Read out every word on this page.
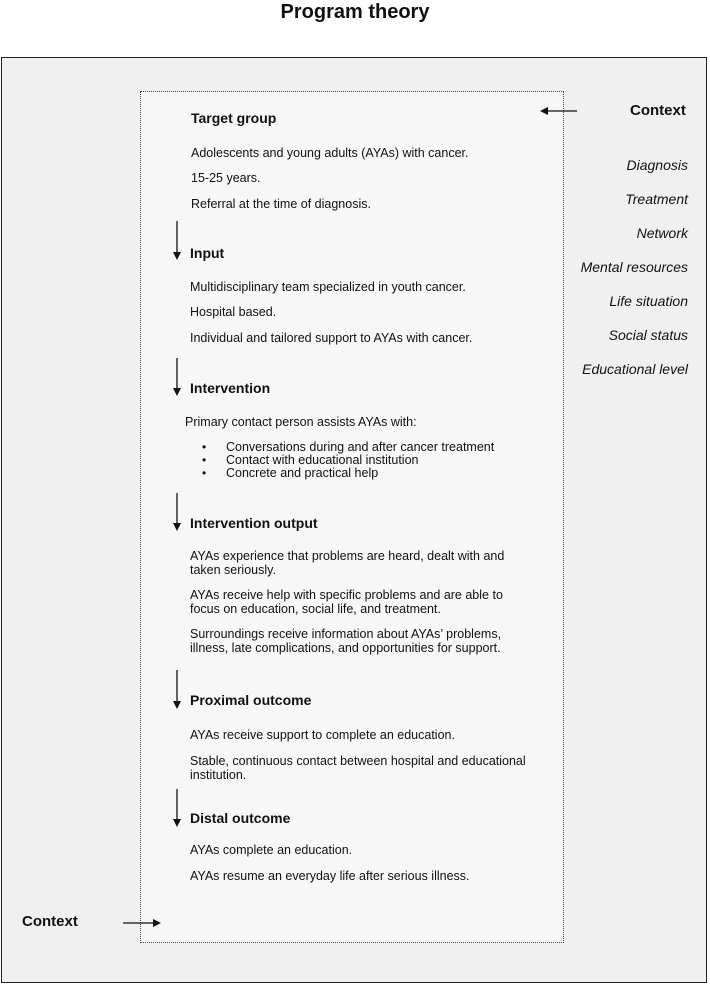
Program theory
Context
Diagnosis
Treatment
Network
Mental resources
Life situation
Social status
Educational level
Context
Target group
Adolescents and young adults (AYAs) with cancer.
15-25 years.
Referral at the time of diagnosis.
Input
Multidisciplinary team specialized in youth cancer.
Hospital based.
Individual and tailored support to AYAs with cancer.
Intervention
Primary contact person assists AYAs with:
• Conversations during and after cancer treatment
• Contact with educational institution
• Concrete and practical help
Intervention output
AYAs experience that problems are heard, dealt with and
taken seriously.
AYAs receive help with specific problems and are able to
focus on education, social life, and treatment.
Surroundings receive information about AYAs’ problems,
illness, late complications, and opportunities for support.
Proximal outcome
AYAs receive support to complete an education.
Stable, continuous contact between hospital and educational
institution.
Distal outcome
AYAs complete an education.
AYAs resume an everyday life after serious illness.
